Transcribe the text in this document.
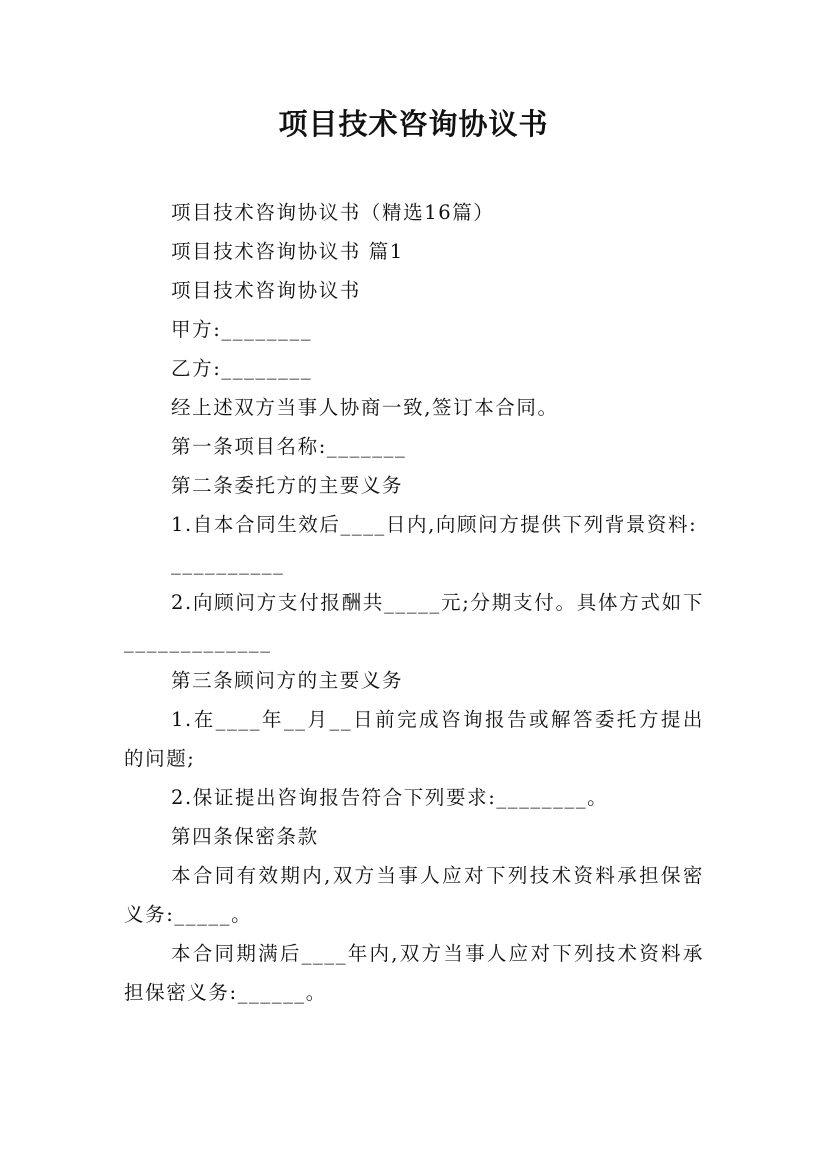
项目技术咨询协议书

项目技术咨询协议书（精选16篇）

项目技术咨询协议书 篇1

项目技术咨询协议书

甲方:________

乙方:________

经上述双方当事人协商一致,签订本合同。

第一条项目名称:_______

第二条委托方的主要义务

1.自本合同生效后____日内,向顾问方提供下列背景资料:

__________

2.向顾问方支付报酬共_____元;分期支付。具体方式如下_____________

第三条顾问方的主要义务

1.在____年__月__日前完成咨询报告或解答委托方提出的问题;

2.保证提出咨询报告符合下列要求:________。

第四条保密条款

本合同有效期内,双方当事人应对下列技术资料承担保密义务:_____。

本合同期满后____年内,双方当事人应对下列技术资料承担保密义务:______。
